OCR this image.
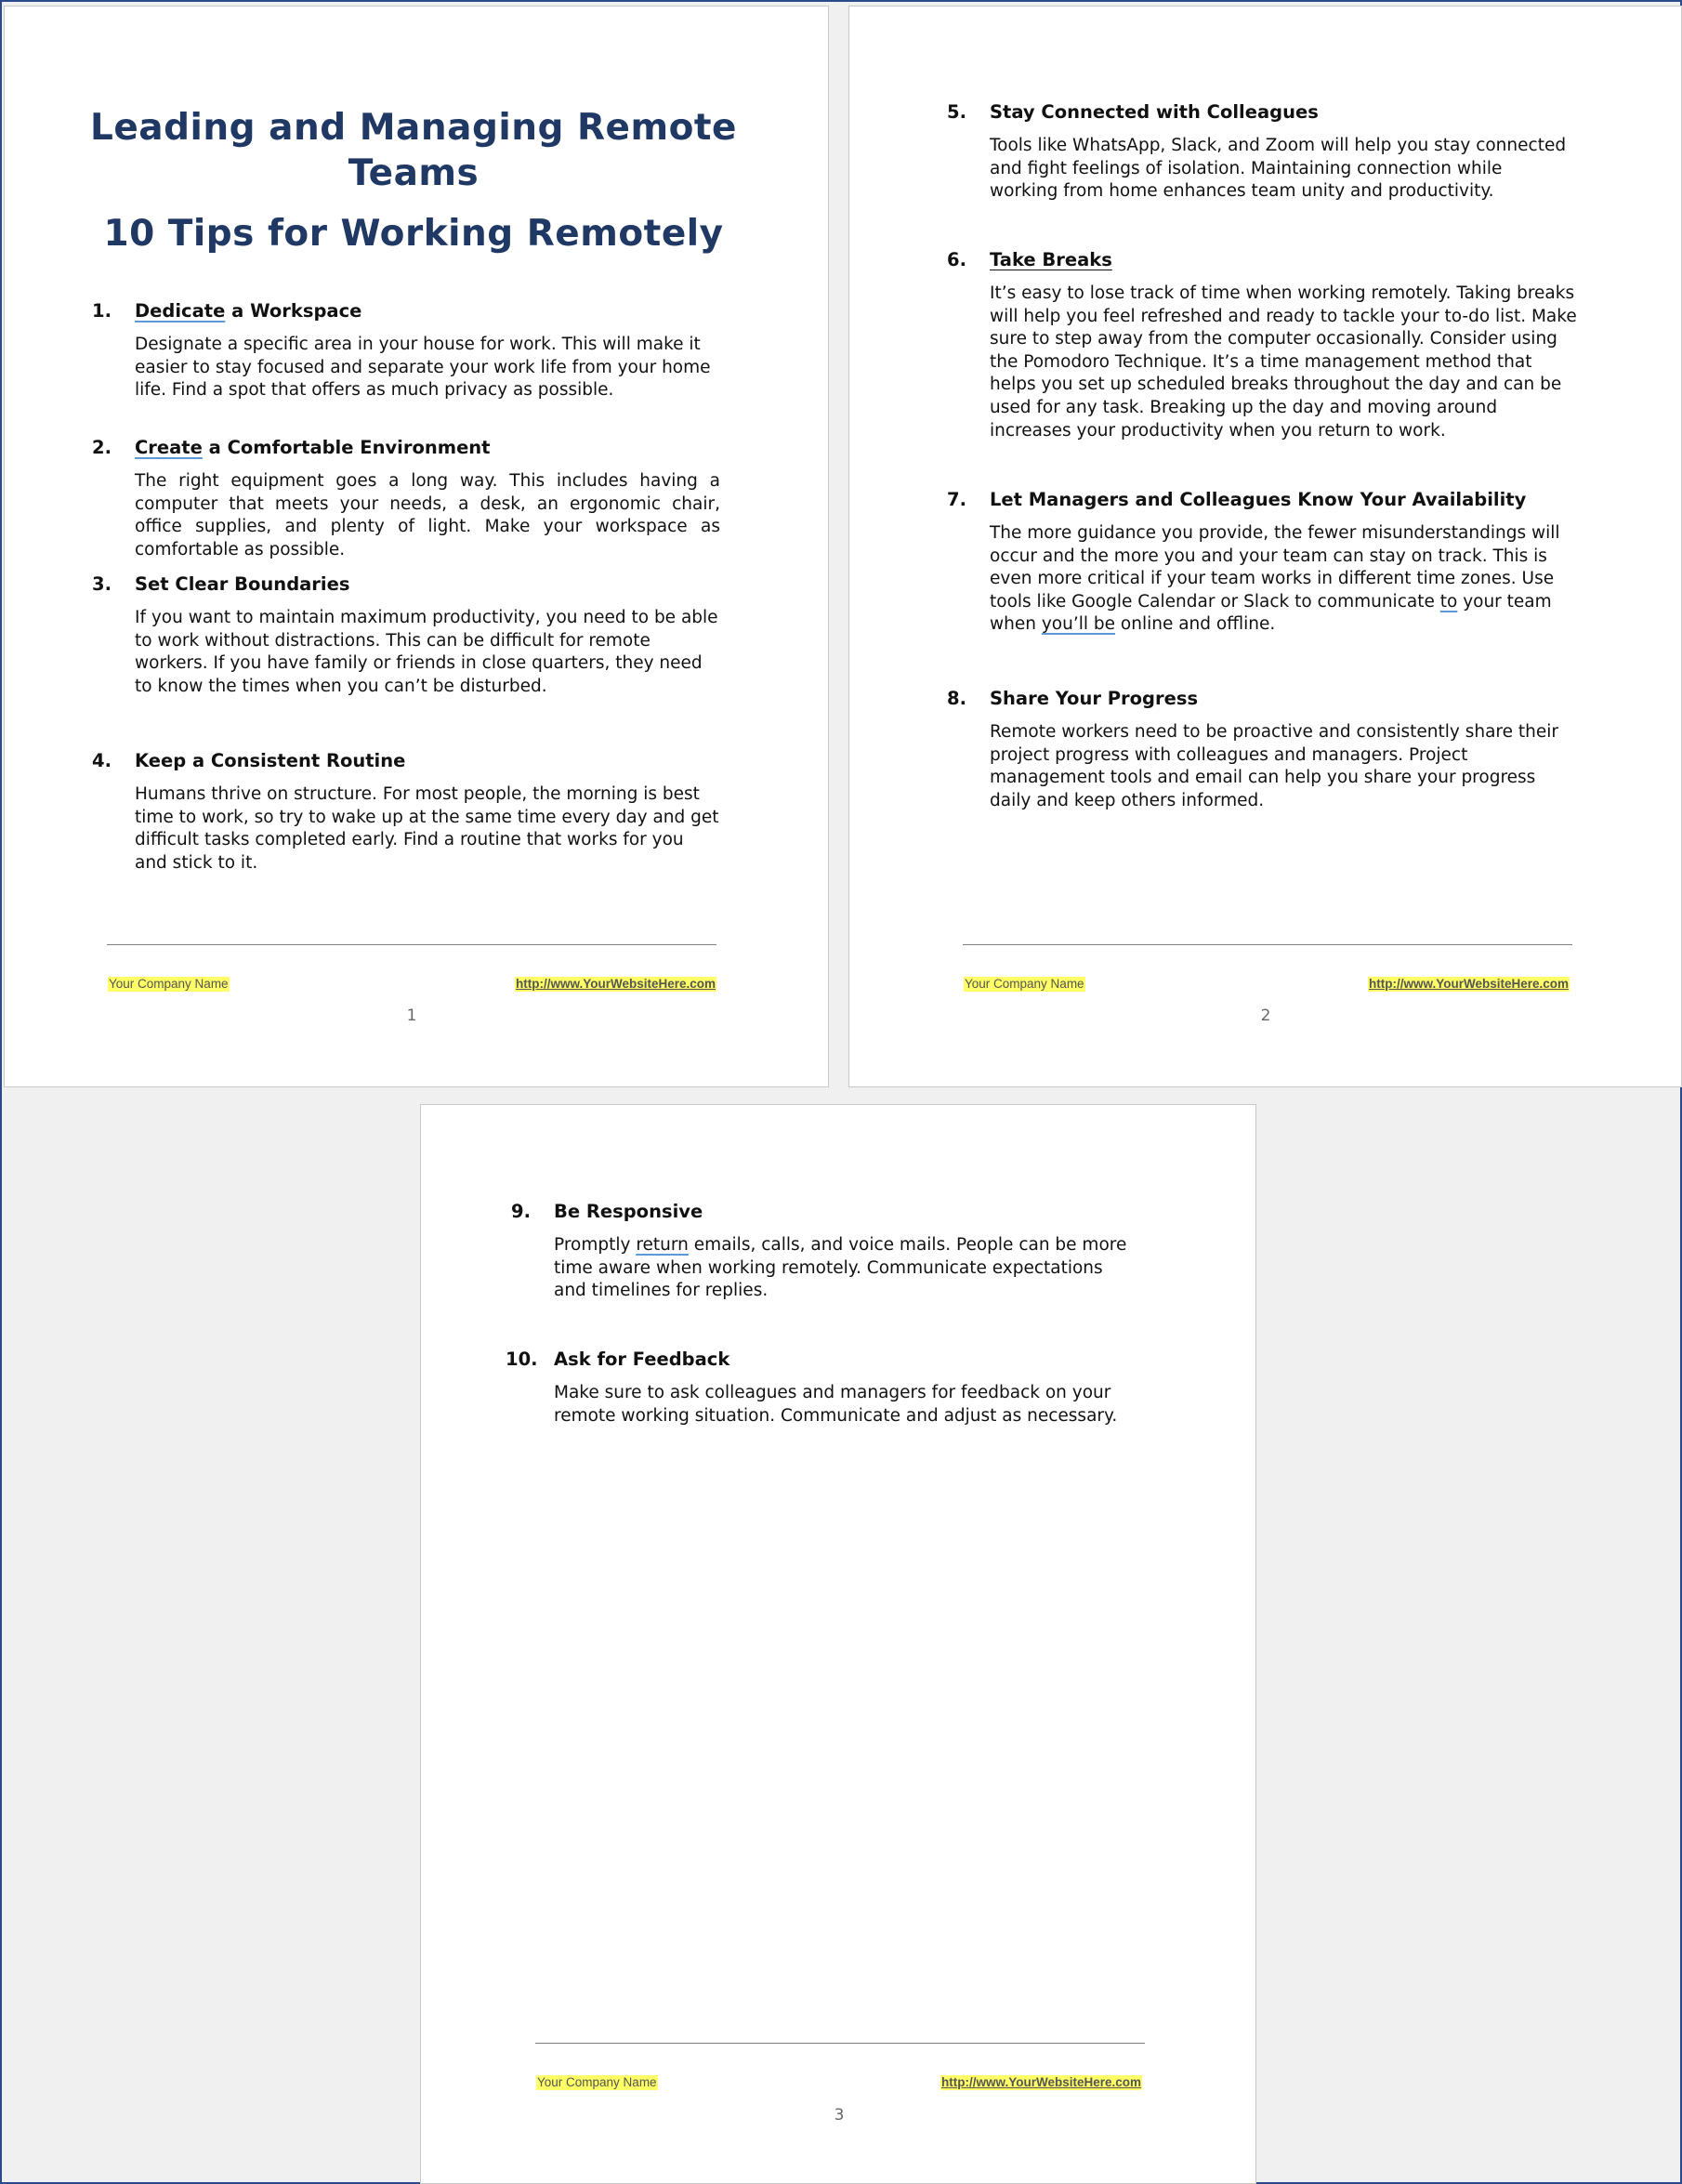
Leading and Managing Remote Teams
10 Tips for Working Remotely
1. Dedicate a Workspace

Designate a specific area in your house for work. This will make it easier to stay focused and separate your work life from your home life. Find a spot that offers as much privacy as possible.

2. Create a Comfortable Environment

The right equipment goes a long way. This includes having a computer that meets your needs, a desk, an ergonomic chair, office supplies, and plenty of light. Make your workspace as comfortable as possible.

3. Set Clear Boundaries

If you want to maintain maximum productivity, you need to be able to work without distractions. This can be difficult for remote workers. If you have family or friends in close quarters, they need to know the times when you can’t be disturbed.

4. Keep a Consistent Routine

Humans thrive on structure. For most people, the morning is best time to work, so try to wake up at the same time every day and get difficult tasks completed early. Find a routine that works for you and stick to it.

Your Company Name	http://www.YourWebsiteHere.com
1
5. Stay Connected with Colleagues

Tools like WhatsApp, Slack, and Zoom will help you stay connected and fight feelings of isolation. Maintaining connection while working from home enhances team unity and productivity.

6. Take Breaks

It’s easy to lose track of time when working remotely. Taking breaks will help you feel refreshed and ready to tackle your to-do list. Make sure to step away from the computer occasionally. Consider using the Pomodoro Technique. It’s a time management method that helps you set up scheduled breaks throughout the day and can be used for any task. Breaking up the day and moving around increases your productivity when you return to work.

7. Let Managers and Colleagues Know Your Availability

The more guidance you provide, the fewer misunderstandings will occur and the more you and your team can stay on track. This is even more critical if your team works in different time zones. Use tools like Google Calendar or Slack to communicate to your team when you’ll be online and offline.

8. Share Your Progress

Remote workers need to be proactive and consistently share their project progress with colleagues and managers. Project management tools and email can help you share your progress daily and keep others informed.

Your Company Name	http://www.YourWebsiteHere.com
2
9. Be Responsive

Promptly return emails, calls, and voice mails. People can be more time aware when working remotely. Communicate expectations and timelines for replies.

10. Ask for Feedback

Make sure to ask colleagues and managers for feedback on your remote working situation. Communicate and adjust as necessary.

Your Company Name	http://www.YourWebsiteHere.com
3
